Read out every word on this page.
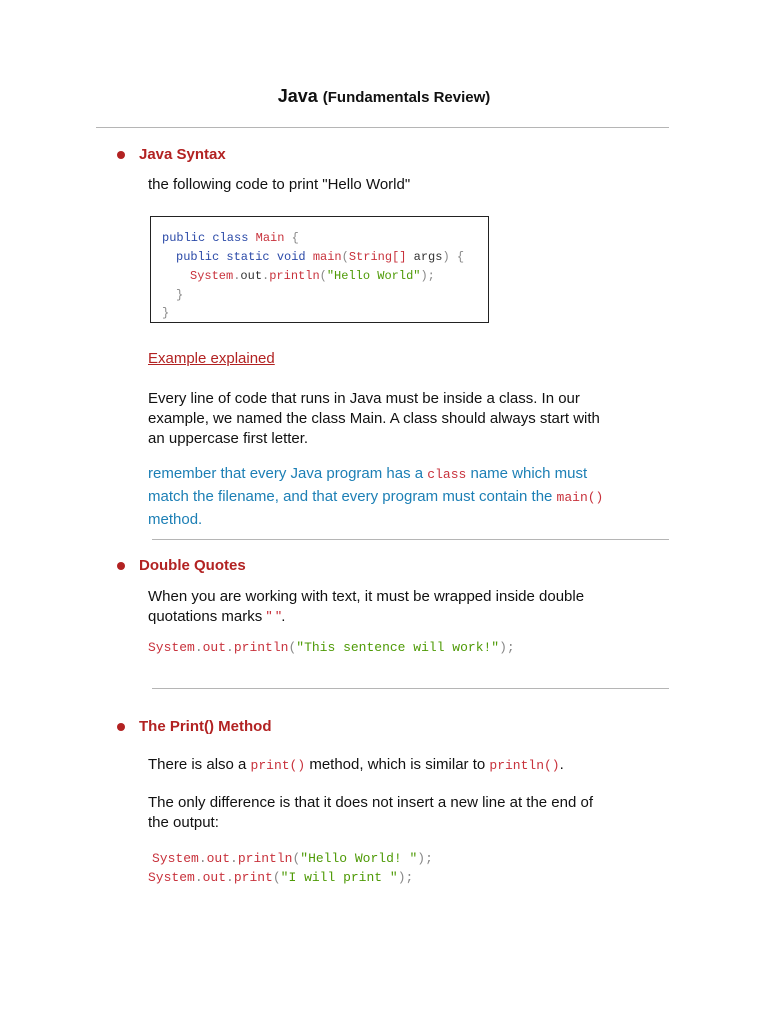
Java (Fundamentals Review)
Java Syntax
the following code to print "Hello World"
public class Main {
public static void main(String[] args) {
System.out.println("Hello World");
}
}
Example explained
Every line of code that runs in Java must be inside a class. In our
example, we named the class Main. A class should always start with
an uppercase first letter.
remember that every Java program has a class name which must
match the filename, and that every program must contain the main()
method.
Double Quotes
When you are working with text, it must be wrapped inside double
quotations marks " ".
System.out.println("This sentence will work!");
The Print() Method
There is also a print() method, which is similar to println().
The only difference is that it does not insert a new line at the end of
the output:
System.out.println("Hello World! ");
System.out.print("I will print ");
